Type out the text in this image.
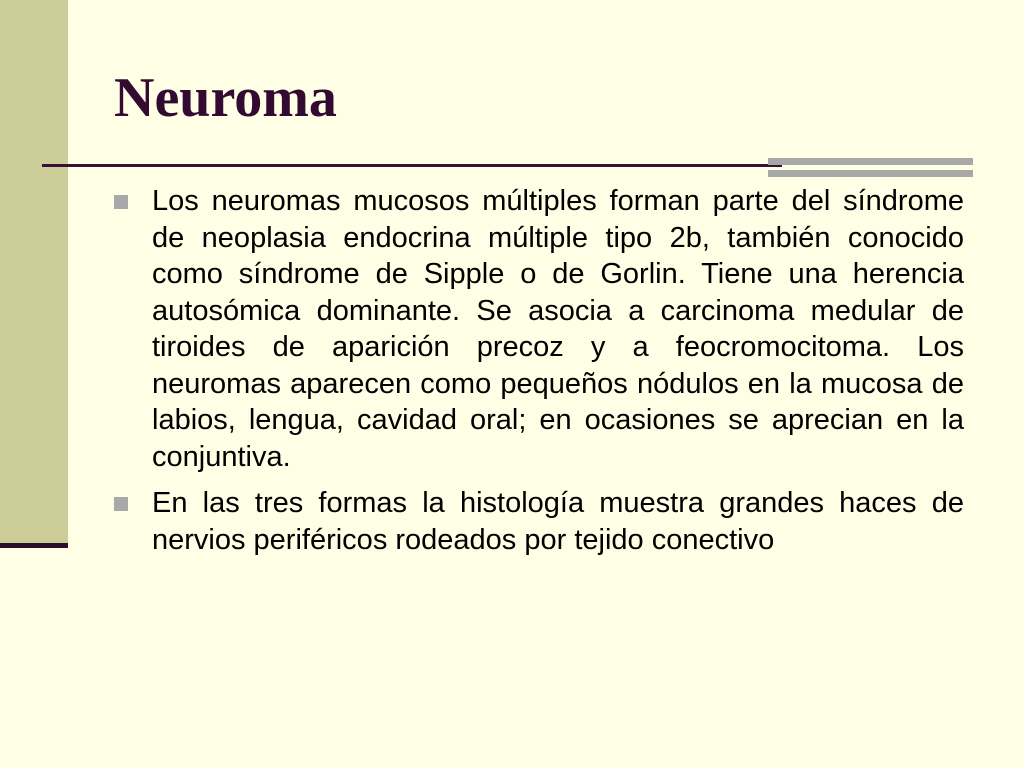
Neuroma

Los neuromas mucosos múltiples forman parte del síndrome de neoplasia endocrina múltiple tipo 2b, también conocido como síndrome de Sipple o de Gorlin. Tiene una herencia autosómica dominante. Se asocia a carcinoma medular de tiroides de aparición precoz y a feocromocitoma. Los neuromas aparecen como pequeños nódulos en la mucosa de labios, lengua, cavidad oral; en ocasiones se aprecian en la conjuntiva.

En las tres formas la histología muestra grandes haces de nervios periféricos rodeados por tejido conectivo
